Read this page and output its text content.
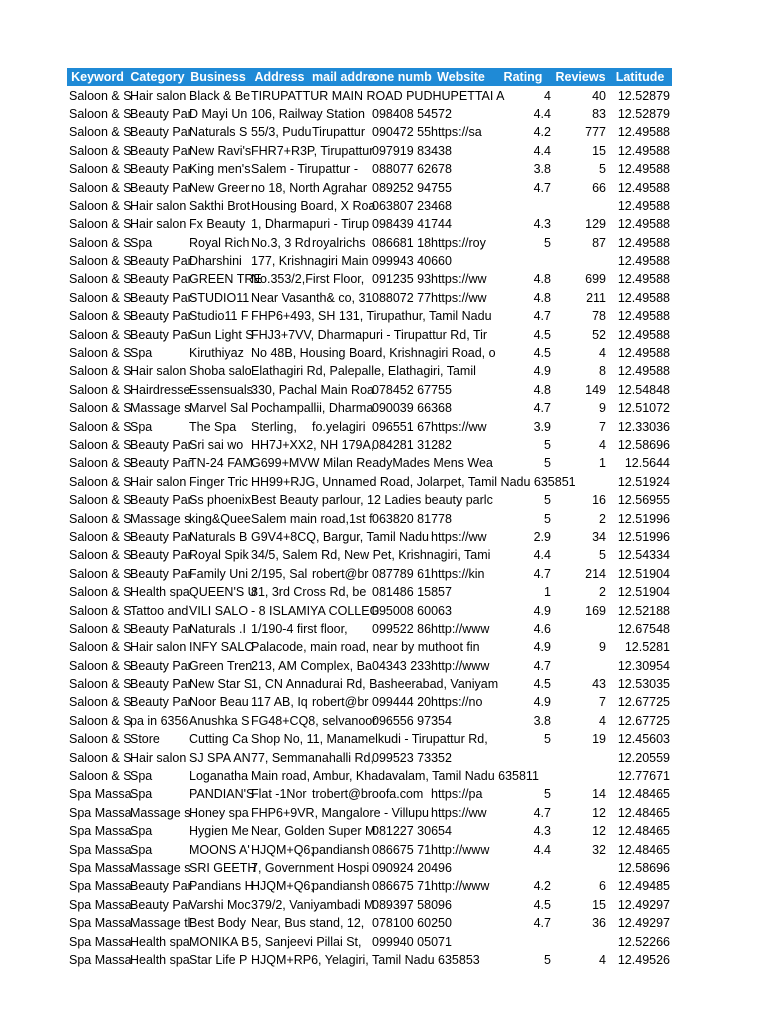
Keyword	Category	Business	Address	mail addre	one numb	Website	Rating	Reviews	Latitude
Saloon & S	Hair salon	Black & Be	TIRUPATTUR MAIN ROAD PUDHUPETTAI A				4	40	12.52879
Saloon & S	Beauty Par	D Mayi Un	106, Railway Station		098408 54572		4.4	83	12.52879
Saloon & S	Beauty Par	Naturals S	55/3, Pudu	Tirupattur	090472 55	https://sa	4.2	777	12.49588
Saloon & S	Beauty Par	New Ravi's	FHR7+R3P, Tirupattur		097919 83438		4.4	15	12.49588
Saloon & S	Beauty Par	King men's	Salem - Tirupattur -		088077 62678		3.8	5	12.49588
Saloon & S	Beauty Par	New Greer	no 18, North Agrahar		089252 94755		4.7	66	12.49588
Saloon & S	Hair salon	Sakthi Brot	Housing Board, X Roa		063807 23468				12.49588
Saloon & S	Hair salon	Fx Beauty	1, Dharmapuri - Tirup		098439 41744		4.3	129	12.49588
Saloon & S	Spa	Royal Rich	No.3, 3 Rd	royalrichs	086681 18	https://roy	5	87	12.49588
Saloon & S	Beauty Par	Dharshini	177, Krishnagiri Main		099943 40660				12.49588
Saloon & S	Beauty Par	GREEN TRE	No.353/2,First Floor,		091235 93	https://ww	4.8	699	12.49588
Saloon & S	Beauty Par	STUDIO11	Near Vasanth& co, 31		088072 77	https://ww	4.8	211	12.49588
Saloon & S	Beauty Par	Studio11 F	FHP6+493, SH 131, Tirupathur, Tamil Nadu				4.7	78	12.49588
Saloon & S	Beauty Par	Sun Light S	FHJ3+7VV, Dharmapuri - Tirupattur Rd, Tir				4.5	52	12.49588
Saloon & S	Spa	Kiruthiyaz	No 48B, Housing Board, Krishnagiri Road, o				4.5	4	12.49588
Saloon & S	Hair salon	Shoba salo	Elathagiri Rd, Palepalle, Elathagiri, Tamil				4.9	8	12.49588
Saloon & S	Hairdresse	Essensuals	330, Pachal Main Roa		078452 67755		4.8	149	12.54848
Saloon & S	Massage s	Marvel Sal	Pochampallii, Dharma		090039 66368		4.7	9	12.51072
Saloon & S	Spa	The Spa	Sterling,	fo.yelagiri	096551 67	https://ww	3.9	7	12.33036
Saloon & S	Beauty Par	Sri sai wo	HH7J+XX2, NH 179A,		084281 31282		5	4	12.58696
Saloon & S	Beauty Par	TN-24 FAM	G699+MVW Milan ReadyMades Mens Wea				5	1	12.5644
Saloon & S	Hair salon	Finger Tric	HH99+RJG, Unnamed Road, Jolarpet, Tamil Nadu 635851						12.51924
Saloon & S	Beauty Par	Ss phoenix	Best Beauty parlour, 12 Ladies beauty parlc				5	16	12.56955
Saloon & S	Massage s	king&Quee	Salem main road,1st f		063820 81778		5	2	12.51996
Saloon & S	Beauty Par	Naturals B	G9V4+8CQ, Bargur, Tamil Nadu			https://ww	2.9	34	12.51996
Saloon & S	Beauty Par	Royal Spik	34/5, Salem Rd, New Pet, Krishnagiri, Tami				4.4	5	12.54334
Saloon & S	Beauty Par	Family Uni	2/195, Sal	robert@br	087789 61	https://kin	4.7	214	12.51904
Saloon & S	Health spa	QUEEN'S U	81, 3rd Cross Rd, be		081486 15857		1	2	12.51904
Saloon & S	Tattoo and	VILI SALO	- 8 ISLAMIYA COLLEG		095008 60063		4.9	169	12.52188
Saloon & S	Beauty Par	Naturals .I	1/190-4 first floor,		099522 86	http://www	4.6		12.67548
Saloon & S	Hair salon	INFY SALO	Palacode, main road, near by muthoot fin				4.9	9	12.5281
Saloon & S	Beauty Par	Green Tren	213, AM Complex, Ba		04343 233	http://www	4.7		12.30954
Saloon & S	Beauty Par	New Star S	1, CN Annadurai Rd, Basheerabad, Vaniyam				4.5	43	12.53035
Saloon & S	Beauty Par	Noor Beau	117 AB, Iq	robert@br	099444 20	https://no	4.9	7	12.67725
Saloon & S	pa in 6356	Anushka S	FG48+CQ8, selvanoor		096556 97354		3.8	4	12.67725
Saloon & S	Store	Cutting Ca	Shop No, 11, Manamelkudi - Tirupattur Rd,				5	19	12.45603
Saloon & S	Hair salon	SJ SPA AN	77, Semmanahalli Rd,		099523 73352				12.20559
Saloon & S	Spa	Loganatha	Main road, Ambur, Khadavalam, Tamil Nadu 635811						12.77671
Spa Massa	Spa	PANDIAN'S	Flat -1Nor	trobert@broofa.com		https://pa	5	14	12.48465
Spa Massa	Massage s	Honey spa	FHP6+9VR, Mangalore - Villupu			https://ww	4.7	12	12.48465
Spa Massa	Spa	Hygien Me	Near, Golden Super M		081227 30654		4.3	12	12.48465
Spa Massa	Spa	MOONS A'	HJQM+Q6;	pandiansh	086675 71	http://www	4.4	32	12.48465
Spa Massa	Massage s	SRI GEETH	7, Government Hospi		090924 20496				12.58696
Spa Massa	Beauty Par	Pandians H	HJQM+Q6;	pandiansh	086675 71	http://www	4.2	6	12.49485
Spa Massa	Beauty Par	Varshi Moc	379/2, Vaniyambadi M		089397 58096		4.5	15	12.49297
Spa Massa	Massage tl	Best Body	Near, Bus stand, 12,		078100 60250		4.7	36	12.49297
Spa Massa	Health spa	MONIKA B	5, Sanjeevi Pillai St,		099940 05071				12.52266
Spa Massa	Health spa	Star Life P	HJQM+RP6, Yelagiri, Tamil Nadu 635853				5	4	12.49526
